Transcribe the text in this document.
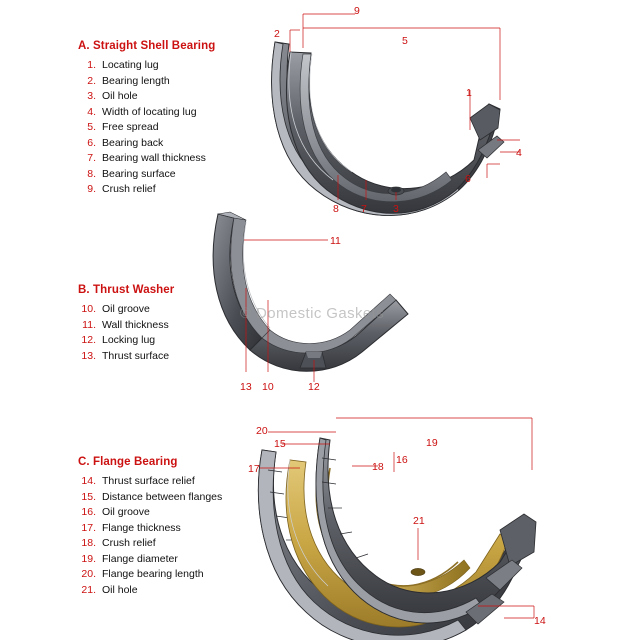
A. Straight Shell Bearing
1. Locating lug
2. Bearing length
3. Oil hole
4. Width of locating lug
5. Free spread
6. Bearing back
7. Bearing wall thickness
8. Bearing surface
9. Crush relief
B. Thrust Washer
10. Oil groove
11. Wall thickness
12. Locking lug
13. Thrust surface
C. Flange Bearing
14. Thrust surface relief
15. Distance between flanges
16. Oil groove
17. Flange thickness
18. Crush relief
19. Flange diameter
20. Flange bearing length
21. Oil hole
9
2
5
1
4
6
3
7
8
11
13 10	12
20
15
17
19
18
16
21
14
© Domestic Gaskets
